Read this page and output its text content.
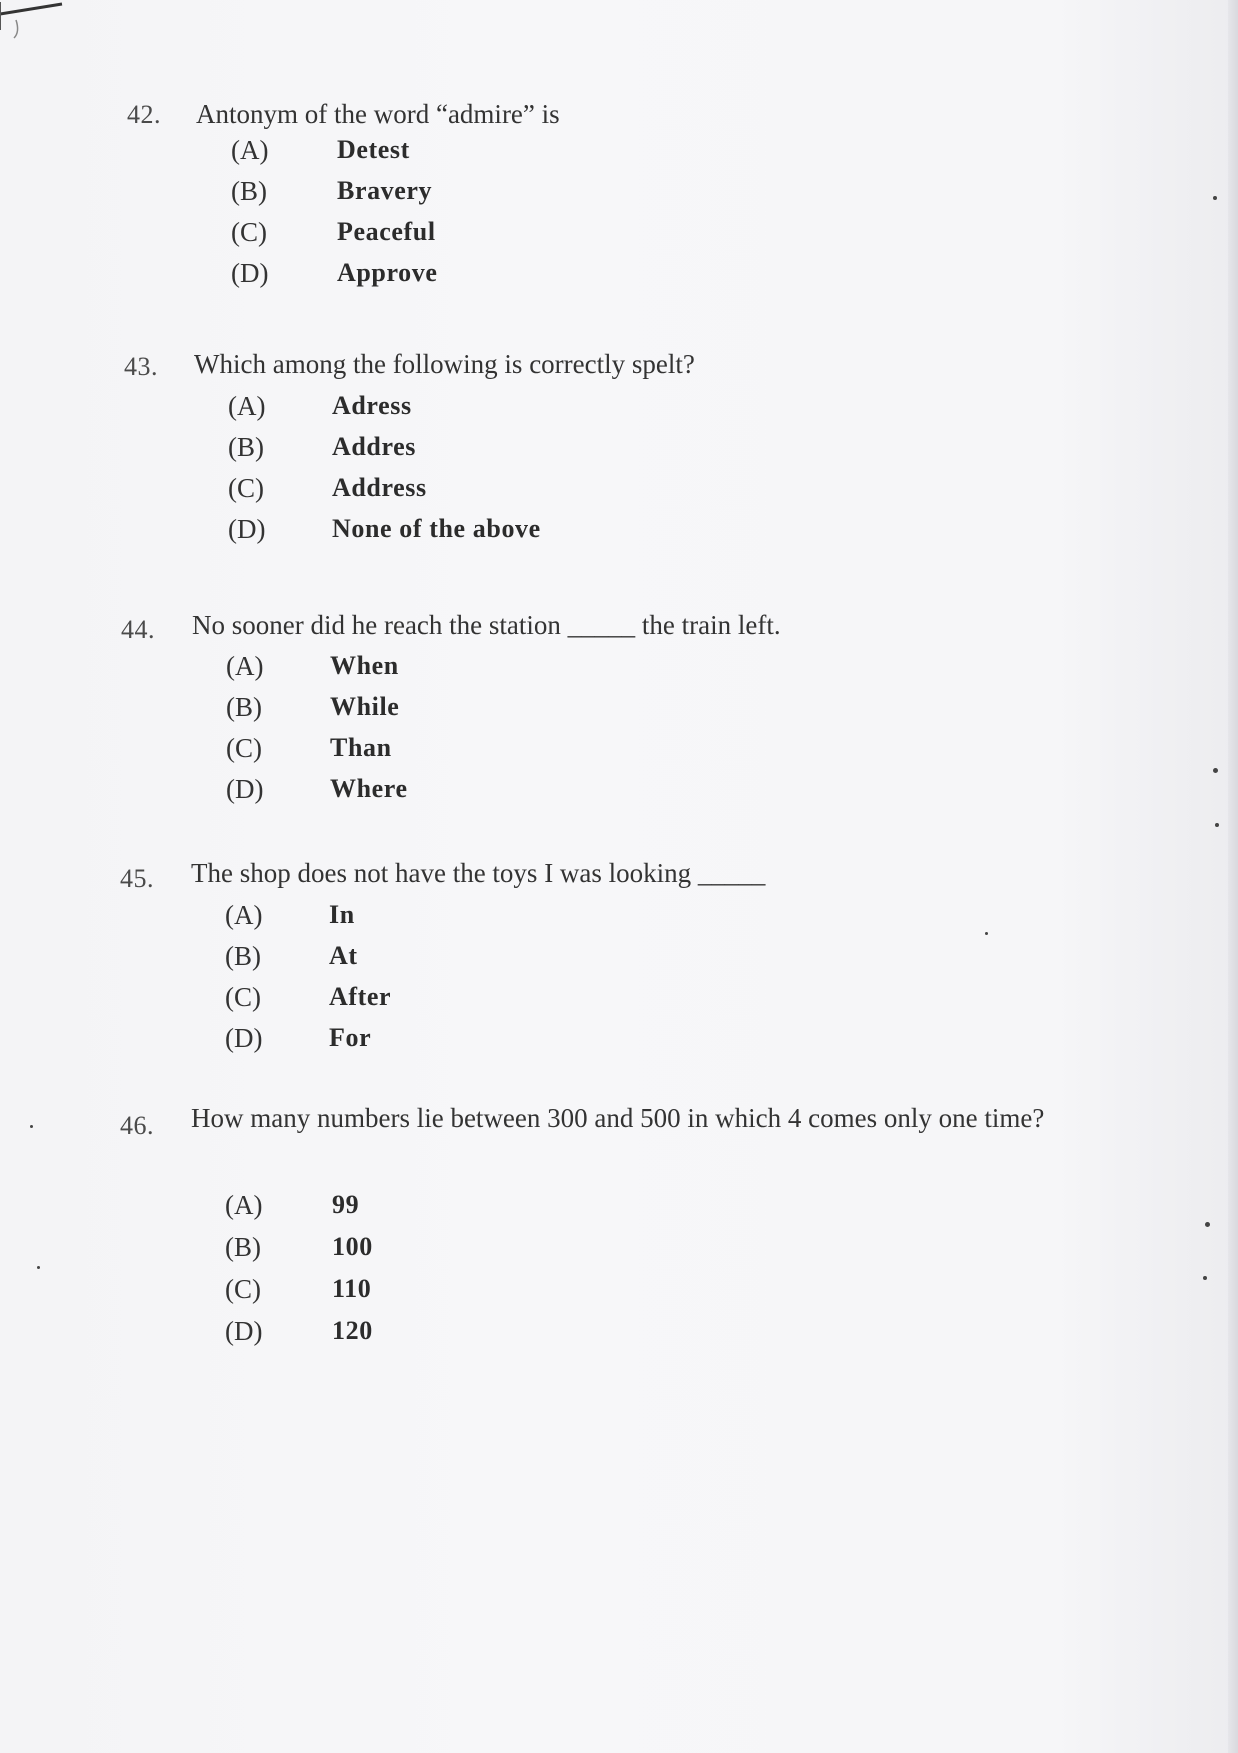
42. Antonym of the word “admire” is
(A)	Detest
(B)	Bravery
(C)	Peaceful
(D)	Approve
43. Which among the following is correctly spelt?
(A)	Adress
(B)	Addres
(C)	Address
(D)	None of the above
44. No sooner did he reach the station _____ the train left.
(A)	When
(B)	While
(C)	Than
(D)	Where
45. The shop does not have the toys I was looking _____
(A)	In
(B)	At
(C)	After
(D)	For
46. How many numbers lie between 300 and 500 in which 4 comes only one time?
(A)	99
(B)	100
(C)	110
(D)	120
